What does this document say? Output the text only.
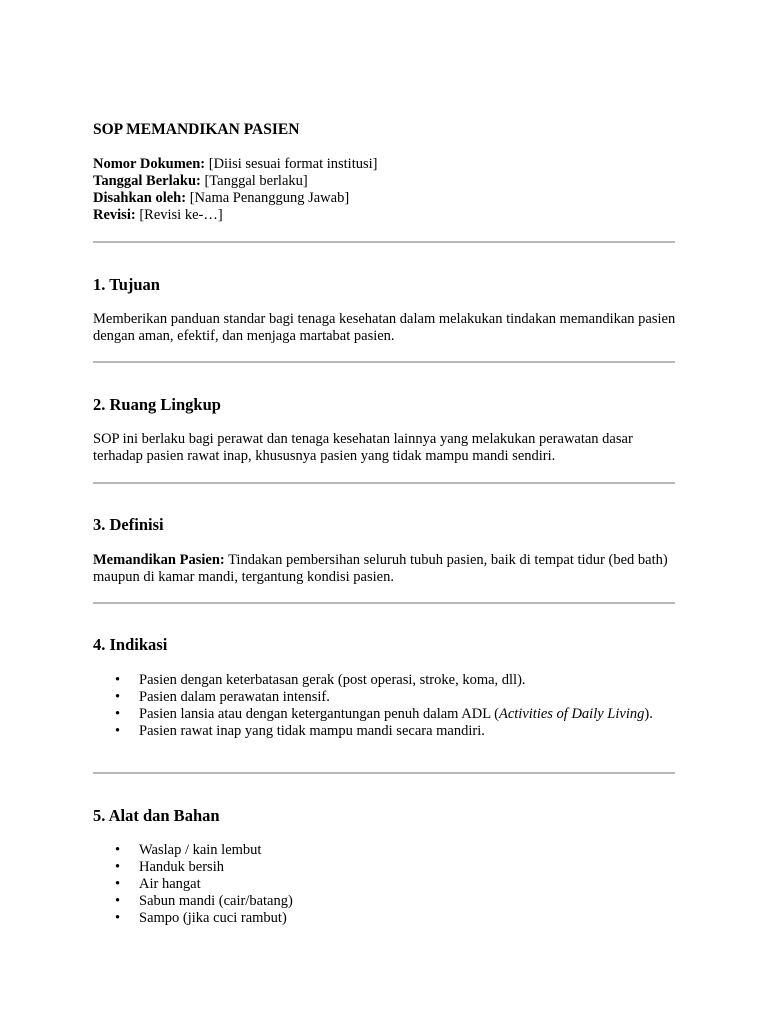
SOP MEMANDIKAN PASIEN
Nomor Dokumen: [Diisi sesuai format institusi]
Tanggal Berlaku: [Tanggal berlaku]
Disahkan oleh: [Nama Penanggung Jawab]
Revisi: [Revisi ke-…]
1. Tujuan

Memberikan panduan standar bagi tenaga kesehatan dalam melakukan tindakan memandikan pasien dengan aman, efektif, dan menjaga martabat pasien.

2. Ruang Lingkup

SOP ini berlaku bagi perawat dan tenaga kesehatan lainnya yang melakukan perawatan dasar terhadap pasien rawat inap, khususnya pasien yang tidak mampu mandi sendiri.

3. Definisi

Memandikan Pasien: Tindakan pembersihan seluruh tubuh pasien, baik di tempat tidur (bed bath) maupun di kamar mandi, tergantung kondisi pasien.

4. Indikasi
• Pasien dengan keterbatasan gerak (post operasi, stroke, koma, dll).
• Pasien dalam perawatan intensif.
• Pasien lansia atau dengan ketergantungan penuh dalam ADL (Activities of Daily Living).
• Pasien rawat inap yang tidak mampu mandi secara mandiri.
5. Alat dan Bahan
• Waslap / kain lembut
• Handuk bersih
• Air hangat
• Sabun mandi (cair/batang)
• Sampo (jika cuci rambut)
